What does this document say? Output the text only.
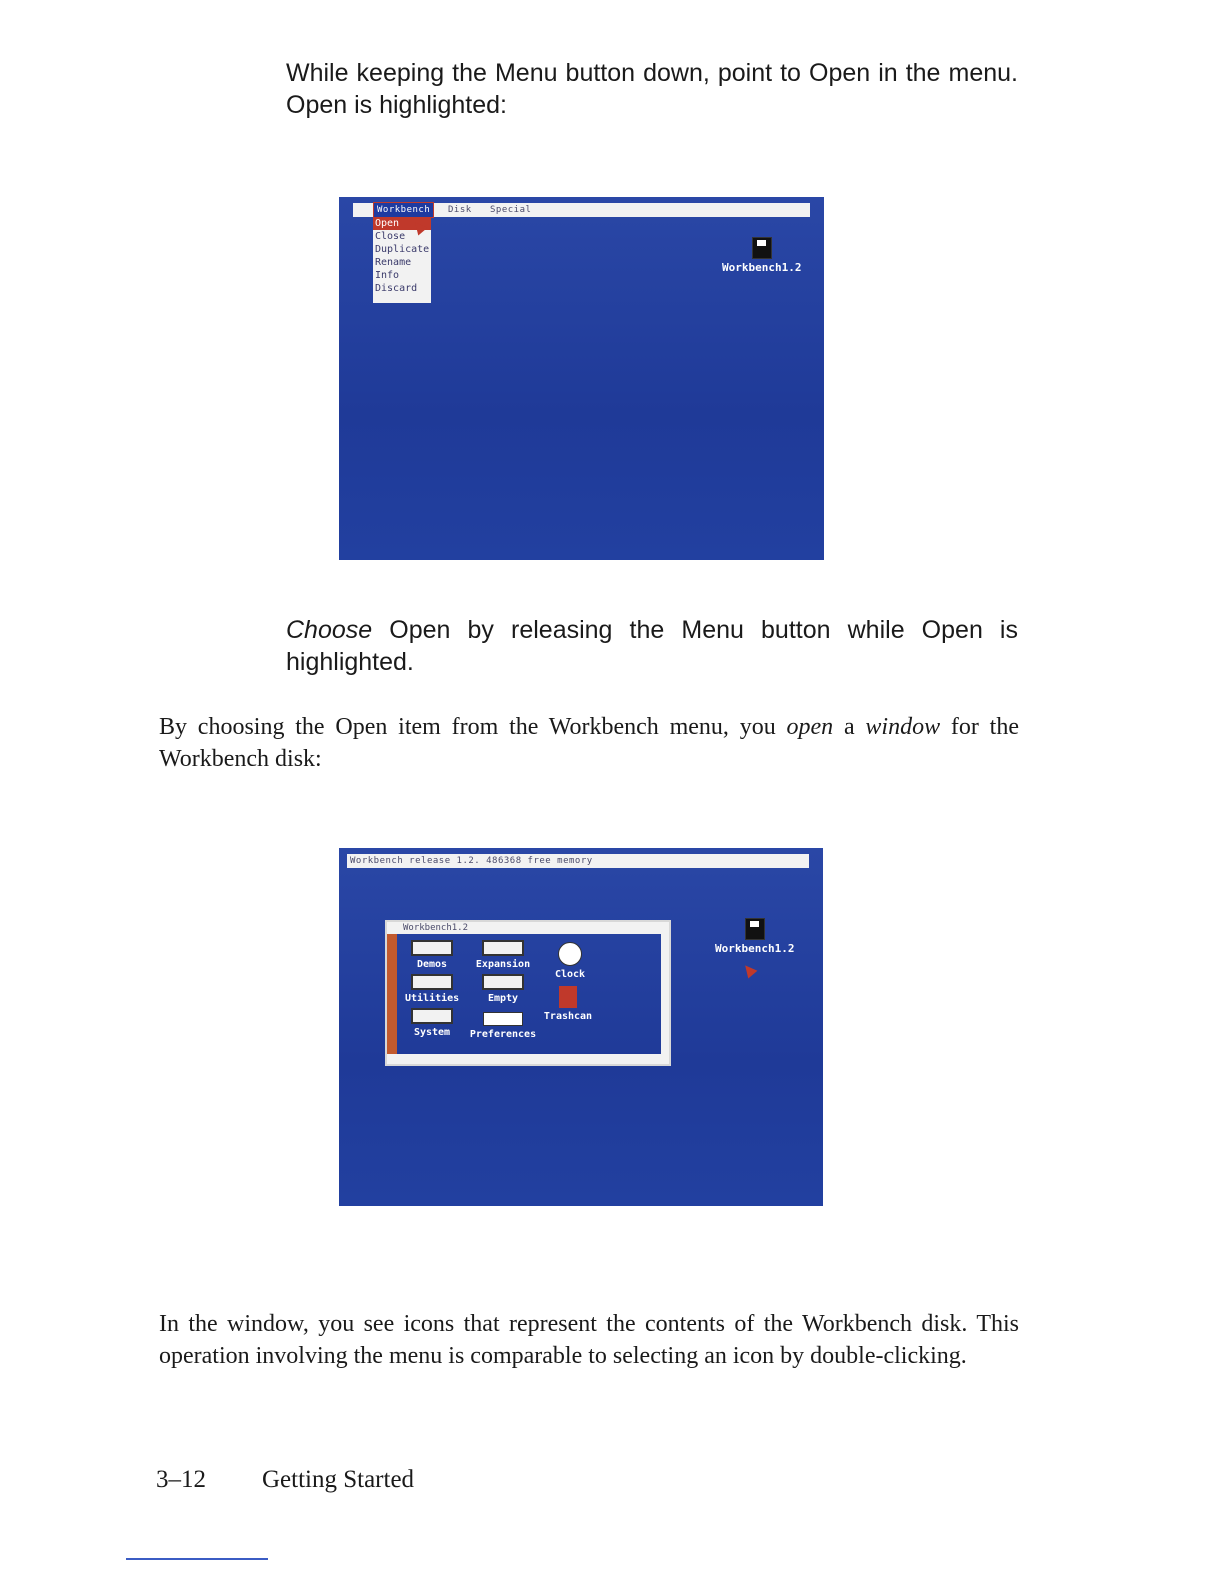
While keeping the Menu button down, point to Open in the menu. Open is highlighted:
Workbench	Disk	Special
Open
Close
Duplicate
Rename
Info
Discard
Workbench1.2
Choose Open by releasing the Menu button while Open is highlighted.
By choosing the Open item from the Workbench menu, you open a window for the Workbench disk:
Workbench release 1.2. 486368 free memory
Workbench1.2
Demos	Expansion
Clock
Utilities	Empty
Trashcan
System	Preferences
Workbench1.2
In the window, you see icons that represent the contents of the Workbench disk. This operation involving the menu is comparable to selecting an icon by double-clicking.
3–12 Getting Started
